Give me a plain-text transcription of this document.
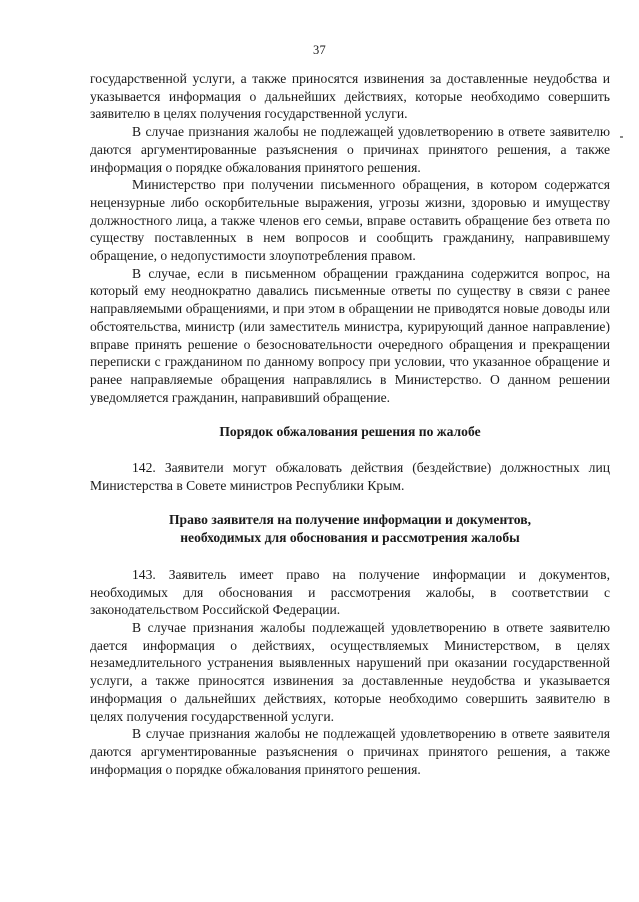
37

государственной услуги, а также приносятся извинения за доставленные неудобства и указывается информация о дальнейших действиях, которые необходимо совершить заявителю в целях получения государственной услуги.

В случае признания жалобы не подлежащей удовлетворению в ответе заявителю даются аргументированные разъяснения о причинах принятого решения, а также информация о порядке обжалования принятого решения.

Министерство при получении письменного обращения, в котором содержатся нецензурные либо оскорбительные выражения, угрозы жизни, здоровью и имуществу должностного лица, а также членов его семьи, вправе оставить обращение без ответа по существу поставленных в нем вопросов и сообщить гражданину, направившему обращение, о недопустимости злоупотребления правом.

В случае, если в письменном обращении гражданина содержится вопрос, на который ему неоднократно давались письменные ответы по существу в связи с ранее направляемыми обращениями, и при этом в обращении не приводятся новые доводы или обстоятельства, министр (или заместитель министра, курирующий данное направление) вправе принять решение о безосновательности очередного обращения и прекращении переписки с гражданином по данному вопросу при условии, что указанное обращение и ранее направляемые обращения направлялись в Министерство. О данном решении уведомляется гражданин, направивший обращение.

Порядок обжалования решения по жалобе

142. Заявители могут обжаловать действия (бездействие) должностных лиц Министерства в Совете министров Республики Крым.

Право заявителя на получение информации и документов,
необходимых для обоснования и рассмотрения жалобы

143. Заявитель имеет право на получение информации и документов, необходимых для обоснования и рассмотрения жалобы, в соответствии с законодательством Российской Федерации.

В случае признания жалобы подлежащей удовлетворению в ответе заявителю дается информация о действиях, осуществляемых Министерством, в целях незамедлительного устранения выявленных нарушений при оказании государственной услуги, а также приносятся извинения за доставленные неудобства и указывается информация о дальнейших действиях, которые необходимо совершить заявителю в целях получения государственной услуги.

В случае признания жалобы не подлежащей удовлетворению в ответе заявителя даются аргументированные разъяснения о причинах принятого решения, а также информация о порядке обжалования принятого решения.
